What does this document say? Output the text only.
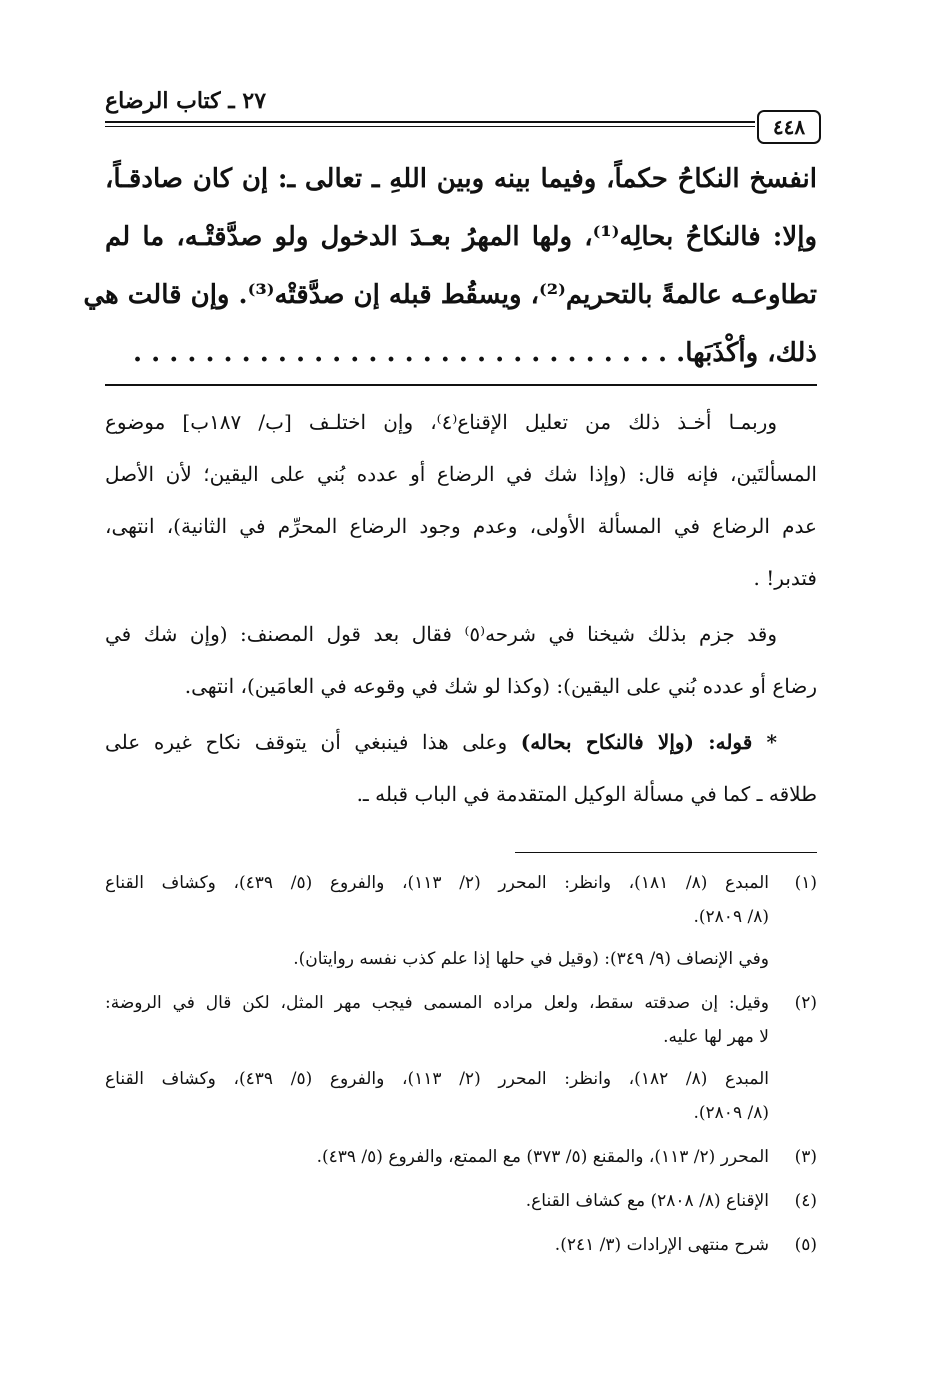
٢٧ ـ كتاب الرضاع
٤٤٨
انفسخ النكاحُ حكماً، وفيما بينه وبين اللهِ ـ تعالى ـ: إن كان صادقـاً،
وإلا: فالنكاحُ بحالِه⁽¹⁾، ولها المهرُ بعـدَ الدخول ولو صدَّقتْـه، ما لم
تطاوعـه عالمةً بالتحريم⁽²⁾، ويسقُط قبله إن صدَّقتْه⁽³⁾. وإن قالت هي
ذلك، وأكْذَبَها. . . . . . . . . . . . . . . . . . . . . . . . . . . . . . .

وربمـا أخـذ ذلك من تعليل الإقناع⁽٤⁾، وإن اختلـف [ب/ ١٨٧ب] موضوع
المسألتَين، فإنه قال: (وإذا شك في الرضاع أو عدده بُني على اليقين؛ لأن الأصل
عدم الرضاع في المسألة الأولى، وعدم وجود الرضاع المحرِّم في الثانية)، انتهى،
فتدبر! .

وقد جزم بذلك شيخنا في شرحه⁽٥⁾ فقال بعد قول المصنف: (وإن شك في
رضاع أو عدده بُني على اليقين): (وكذا لو شك في وقوعه في العامَين)، انتهى.

* قوله: (وإلا فالنكاح بحاله) وعلى هذا فينبغي أن يتوقف نكاح غيره على
طلاقه ـ كما في مسألة الوكيل المتقدمة في الباب قبله ـ.

(١)
المبدع (٨/ ١٨١)، وانظر: المحرر (٢/ ١١٣)، والفروع (٥/ ٤٣٩)، وكشاف القناع
(٨/ ٢٨٠٩).
وفي الإنصاف (٩/ ٣٤٩): (وقيل في حلها إذا علم كذب نفسه روايتان).
(٢)
وقيل: إن صدقته سقط، ولعل مراده المسمى فيجب مهر المثل، لكن قال في الروضة:
لا مهر لها عليه.
المبدع (٨/ ١٨٢)، وانظر: المحرر (٢/ ١١٣)، والفروع (٥/ ٤٣٩)، وكشاف القناع
(٨/ ٢٨٠٩).
(٣)
المحرر (٢/ ١١٣)، والمقنع (٥/ ٣٧٣) مع الممتع، والفروع (٥/ ٤٣٩).
(٤)
الإقناع (٨/ ٢٨٠٨) مع كشاف القناع.
(٥)
شرح منتهى الإرادات (٣/ ٢٤١).
